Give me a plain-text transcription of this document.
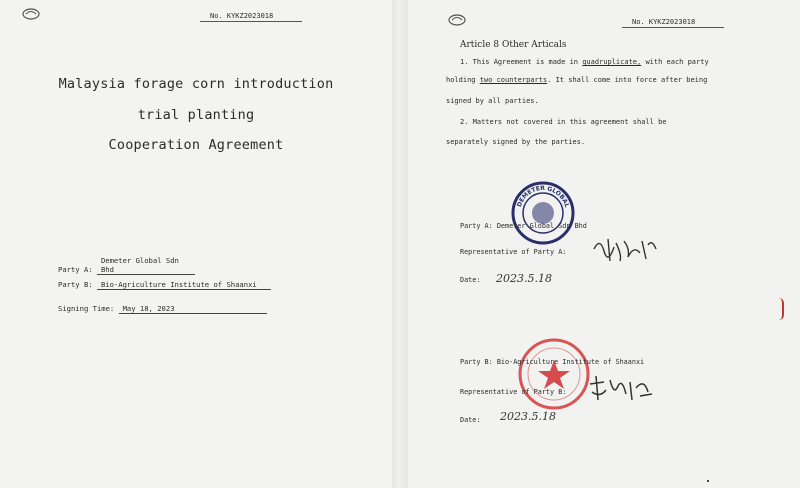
No. KYKZ2023018
Malaysia forage corn introduction
trial planting
Cooperation Agreement
Party A: Demeter Global Sdn Bhd
Party B: Bio-Agriculture Institute of Shaanxi
Signing Time: May 18, 2023
No. KYKZ2023018
Article 8 Other Articals
1. This Agreement is made in quadruplicate, with each party
holding two counterparts. It shall come into force after being
signed by all parties.
2. Matters not covered in this agreement shall be
separately signed by the parties.
DEMETER GLOBAL
Party A: Demeter Global Sdn Bhd
Representative of Party A:
Date: 2023.5.18
Party B: Bio-Agriculture Institute of Shaanxi
Representative of Party B:
Date: 2023.5.18
